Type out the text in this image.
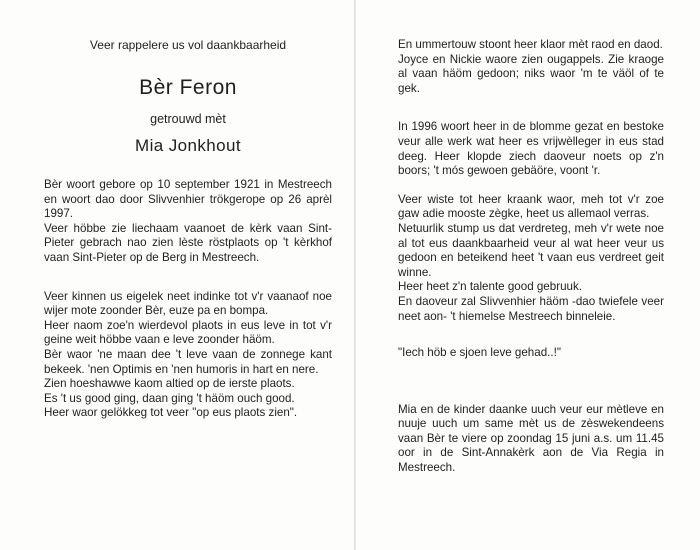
Veer rappelere us vol daankbaarheid

Bèr Feron

getrouwd mèt

Mia Jonkhout

Bèr woort gebore op 10 september 1921 in Mestreech en woort dao door Slivvenhier trökgerope op 26 aprèl 1997.

Veer höbbe zie liechaam vaanoet de kèrk vaan Sint-Pieter gebrach nao zien lèste röstplaots op 't kèrkhof vaan Sint-Pieter op de Berg in Mestreech.

Veer kinnen us eigelek neet indinke tot v'r vaanaof noe wijer mote zoonder Bèr, euze pa en bompa.

Heer naom zoe'n wierdevol plaots in eus leve in tot v'r geine weit höbbe vaan e leve zoonder häöm.

Bèr waor 'ne maan dee 't leve vaan de zonnege kant bekeek. 'nen Optimis en 'nen humoris in hart en nere.

Zien hoeshawwe kaom altied op de ierste plaots.

Es 't us good ging, daan ging 't häöm ouch good.

Heer waor gelökkeg tot veer "op eus plaots zien".

En ummertouw stoont heer klaor mèt raod en daod.

Joyce en Nickie waore zien ougappels. Zie kraoge al vaan häöm gedoon; niks waor 'm te väöl of te gek.

In 1996 woort heer in de blomme gezat en bestoke veur alle werk wat heer es vrijwèlleger in eus stad deeg. Heer klopde ziech daoveur noets op z'n boors; 't mós gewoen gebäöre, voont 'r.

Veer wiste tot heer kraank waor, meh tot v'r zoe gaw adie mooste zègke, heet us allemaol verras.

Netuurlik stump us dat verdreteg, meh v'r wete noe al tot eus daankbaarheid veur al wat heer veur us gedoon en beteikend heet 't vaan eus verdreet geit winne.

Heer heet z'n talente good gebruuk.

En daoveur zal Slivvenhier häöm -dao twiefele veer neet aon- 't hiemelse Mestreech binneleie.

"Iech höb e sjoen leve gehad..!"

Mia en de kinder daanke uuch veur eur mètleve en nuuje uuch um same mèt us de zèswekendeens vaan Bèr te viere op zoondag 15 juni a.s. um 11.45 oor in de Sint-Annakèrk aon de Via Regia in Mestreech.
